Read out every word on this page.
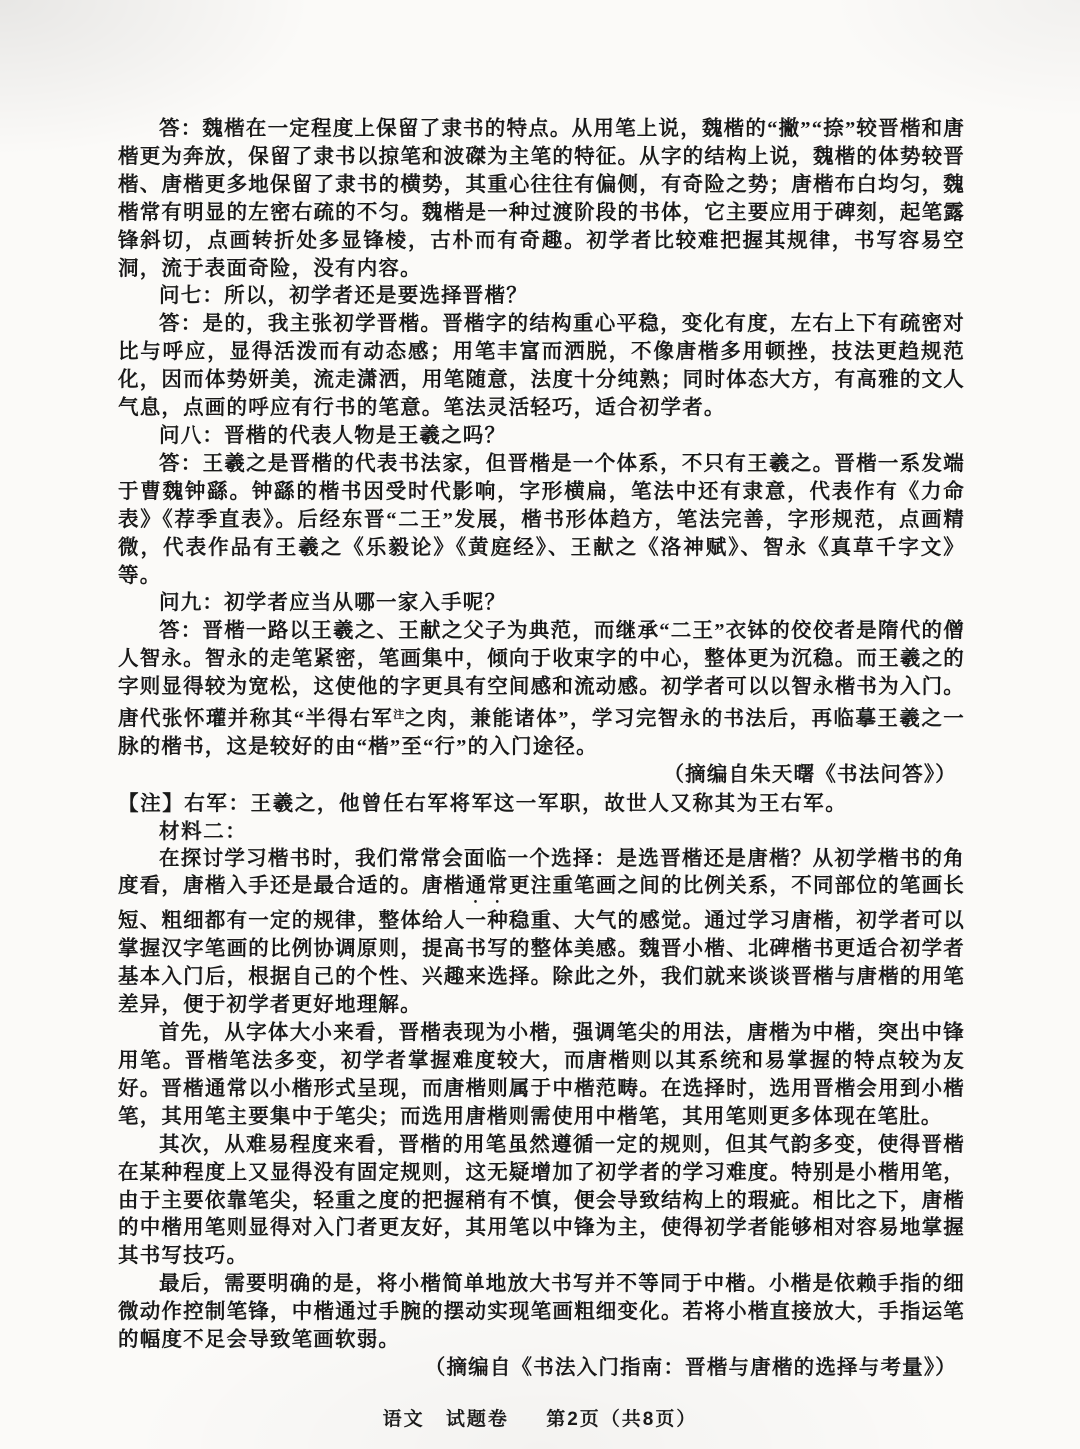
答：魏楷在一定程度上保留了隶书的特点。从用笔上说，魏楷的“撇”“捺”较晋楷和唐楷更为奔放，保留了隶书以掠笔和波磔为主笔的特征。从字的结构上说，魏楷的体势较晋楷、唐楷更多地保留了隶书的横势，其重心往往有偏侧，有奇险之势；唐楷布白均匀，魏楷常有明显的左密右疏的不匀。魏楷是一种过渡阶段的书体，它主要应用于碑刻，起笔露锋斜切，点画转折处多显锋棱，古朴而有奇趣。初学者比较难把握其规律，书写容易空洞，流于表面奇险，没有内容。

问七：所以，初学者还是要选择晋楷？

答：是的，我主张初学晋楷。晋楷字的结构重心平稳，变化有度，左右上下有疏密对比与呼应，显得活泼而有动态感；用笔丰富而洒脱，不像唐楷多用顿挫，技法更趋规范化，因而体势妍美，流走潇洒，用笔随意，法度十分纯熟；同时体态大方，有高雅的文人气息，点画的呼应有行书的笔意。笔法灵活轻巧，适合初学者。

问八：晋楷的代表人物是王羲之吗？

答：王羲之是晋楷的代表书法家，但晋楷是一个体系，不只有王羲之。晋楷一系发端于曹魏钟繇。钟繇的楷书因受时代影响，字形横扁，笔法中还有隶意，代表作有《力命表》《荐季直表》。后经东晋“二王”发展，楷书形体趋方，笔法完善，字形规范，点画精微，代表作品有王羲之《乐毅论》《黄庭经》、王献之《洛神赋》、智永《真草千字文》等。

问九：初学者应当从哪一家入手呢？

答：晋楷一路以王羲之、王献之父子为典范，而继承“二王”衣钵的佼佼者是隋代的僧人智永。智永的走笔紧密，笔画集中，倾向于收束字的中心，整体更为沉稳。而王羲之的字则显得较为宽松，这使他的字更具有空间感和流动感。初学者可以以智永楷书为入门。唐代张怀瓘并称其“半得右军$^注$之肉，兼能诸体”，学习完智永的书法后，再临摹王羲之一脉的楷书，这是较好的由“楷”至“行”的入门途径。

（摘编自朱天曙《书法问答》）

【注】右军：王羲之，他曾任右军将军这一军职，故世人又称其为王右军。

材料二：

在探讨学习楷书时，我们常常会面临一个选择：是选晋楷还是唐楷？从初学楷书的角度看，唐楷入手还是最合适的。唐楷通常更注重笔画之间的比例关系，不同部位的笔画长短、粗细都有一定的规律，整体给人一种稳重、大气的感觉。通过学习唐楷，初学者可以掌握汉字笔画的比例协调原则，提高书写的整体美感。魏晋小楷、北碑楷书更适合初学者基本入门后，根据自己的个性、兴趣来选择。除此之外，我们就来谈谈晋楷与唐楷的用笔差异，便于初学者更好地理解。

首先，从字体大小来看，晋楷表现为小楷，强调笔尖的用法，唐楷为中楷，突出中锋用笔。晋楷笔法多变，初学者掌握难度较大，而唐楷则以其系统和易掌握的特点较为友好。晋楷通常以小楷形式呈现，而唐楷则属于中楷范畴。在选择时，选用晋楷会用到小楷笔，其用笔主要集中于笔尖；而选用唐楷则需使用中楷笔，其用笔则更多体现在笔肚。

其次，从难易程度来看，晋楷的用笔虽然遵循一定的规则，但其气韵多变，使得晋楷在某种程度上又显得没有固定规则，这无疑增加了初学者的学习难度。特别是小楷用笔，由于主要依靠笔尖，轻重之度的把握稍有不慎，便会导致结构上的瑕疵。相比之下，唐楷的中楷用笔则显得对入门者更友好，其用笔以中锋为主，使得初学者能够相对容易地掌握其书写技巧。

最后，需要明确的是，将小楷简单地放大书写并不等同于中楷。小楷是依赖手指的细微动作控制笔锋，中楷通过手腕的摆动实现笔画粗细变化。若将小楷直接放大，手指运笔的幅度不足会导致笔画软弱。

（摘编自《书法入门指南：晋楷与唐楷的选择与考量》）

语文 试题卷 第2页（共8页）
